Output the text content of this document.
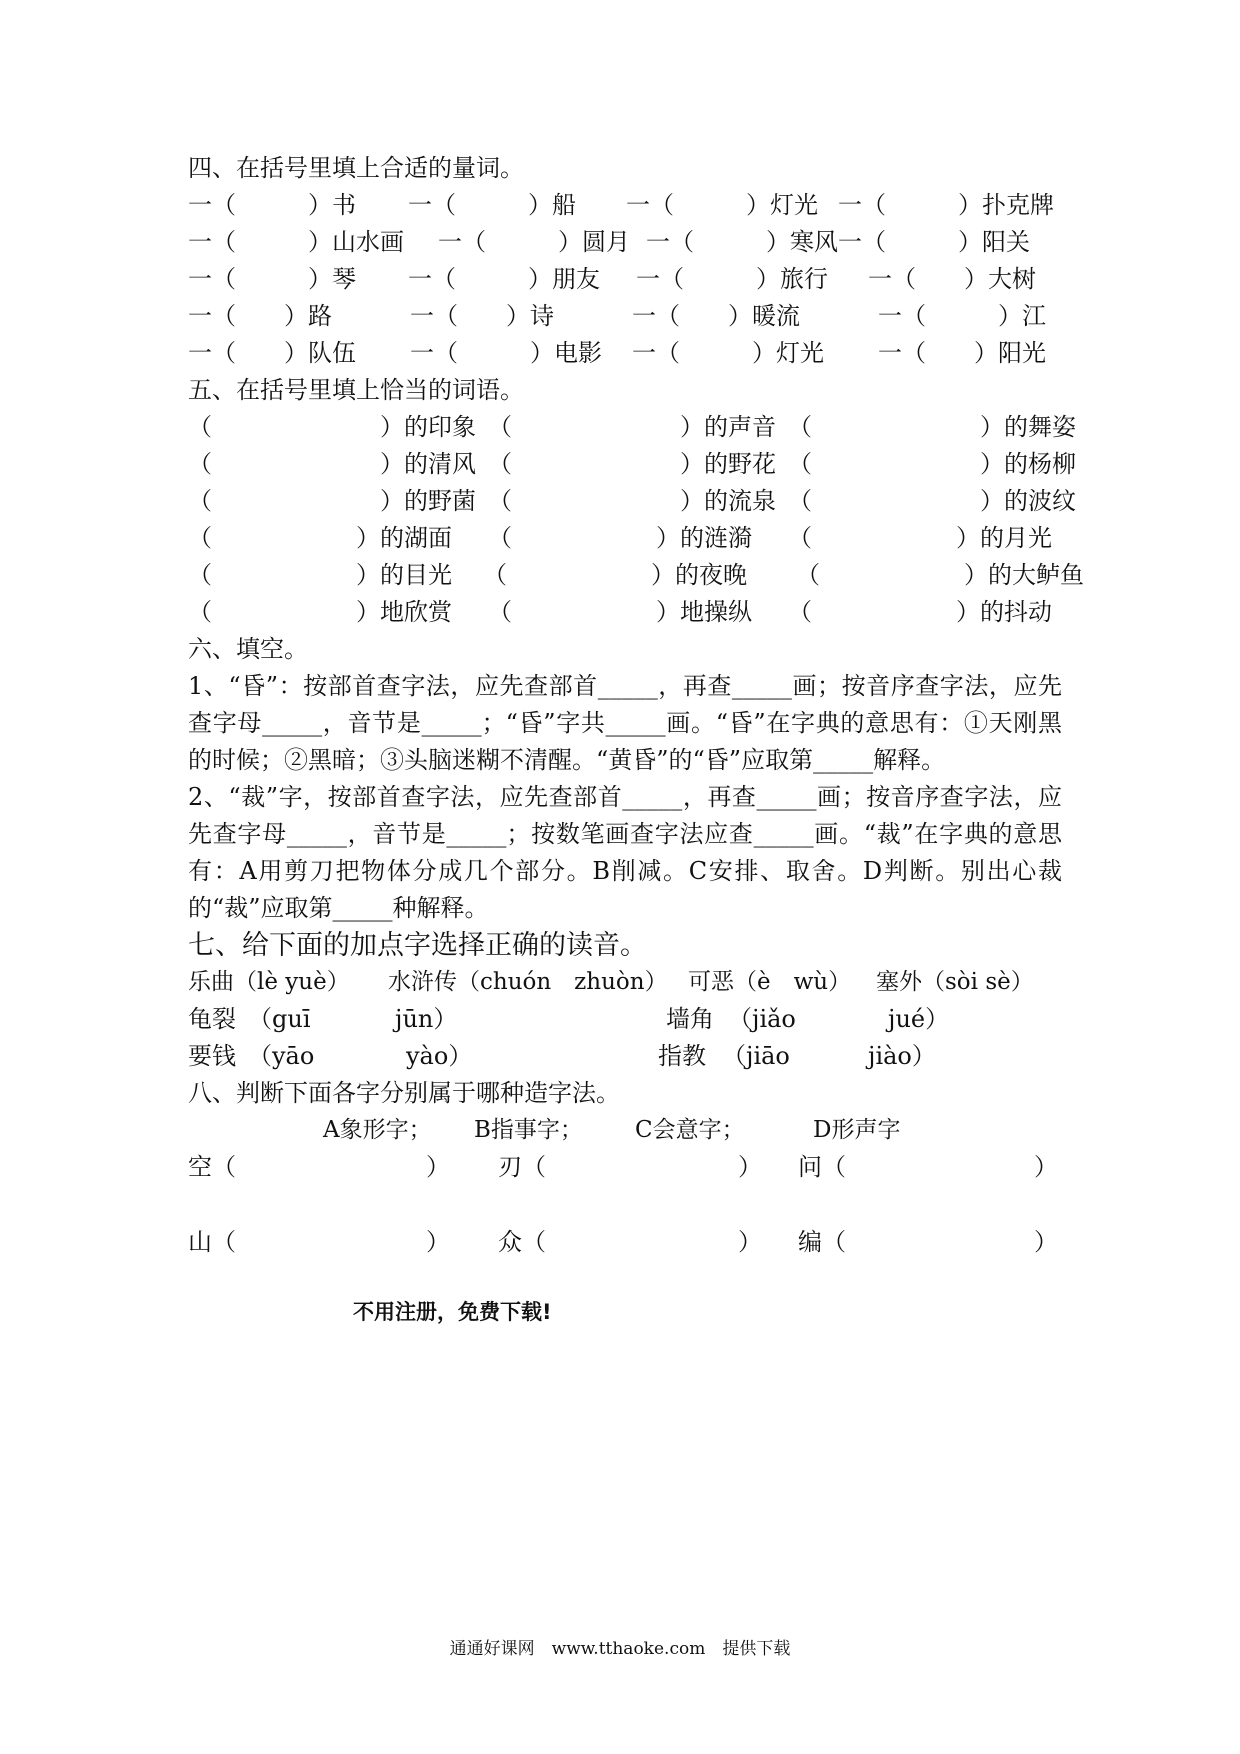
四、在括号里填上合适的量词。
一（　　　）书 一（　　　）船 一（　　　）灯光 一（　　　）扑克牌
一（　　　）山水画 一（　　　）圆月 一（　　　）寒风 一（　　　）阳关
一（　　　）琴 一（　　　）朋友 一（　　　）旅行 一（　　）大树
一（　　）路	一（　　）诗	一（　　）暖流	一（　　　）江
一（　　）队伍 一（　　　）电影 一（　　　）灯光 一（　　）阳光
五、在括号里填上恰当的词语。
（　　　　　　　）的印象 （　　　　　　　）的声音 （　　　　　　　）的舞姿
（　　　　　　　）的清风 （　　　　　　　）的野花 （　　　　　　　）的杨柳
（　　　　　　　）的野菌 （　　　　　　　）的流泉 （　　　　　　　）的波纹
（　　　　　　）的湖面 （　　　　　　）的涟漪 （　　　　　　）的月光
（　　　　　　）的目光 （　　　　　　）的夜晚 （　　　　　　）的大鲈鱼
（　　　　　　）地欣赏 （　　　　　　）地操纵 （　　　　　　）的抖动
六、填空。

1、“昏”：按部首查字法，应先查部首_____，再查_____画；按音序查字法，应先查字母_____，音节是_____；“昏”字共_____画。“昏”在字典的意思有：①天刚黑的时候；②黑暗；③头脑迷糊不清醒。“黄昏”的“昏”应取第_____解释。

2、“裁”字，按部首查字法，应先查部首_____，再查_____画；按音序查字法，应先查字母_____，音节是_____；按数笔画查字法应查_____画。“裁”在字典的意思有：A用剪刀把物体分成几个部分。B削减。C安排、取舍。D判断。别出心裁的“裁”应取第_____种解释。

七、给下面的加点字选择正确的读音。
乐曲（lè yuè） 水浒传（chuón　zhuòn） 可恶（è　wù） 塞外（sòi sè）
龟裂 （guī	jūn）	墙角 （jiǎo	jué）
要钱 （yāo	yào）	指教 （jiāo	jiào）
八、判断下面各字分别属于哪种造字法。
A象形字； B指事字； C会意字；	D形声字
空（	） 刃（	） 问（	）
山（	） 众（	） 编（	）
不用注册，免费下载!
通通好课网　www.tthaoke.com　提供下载
